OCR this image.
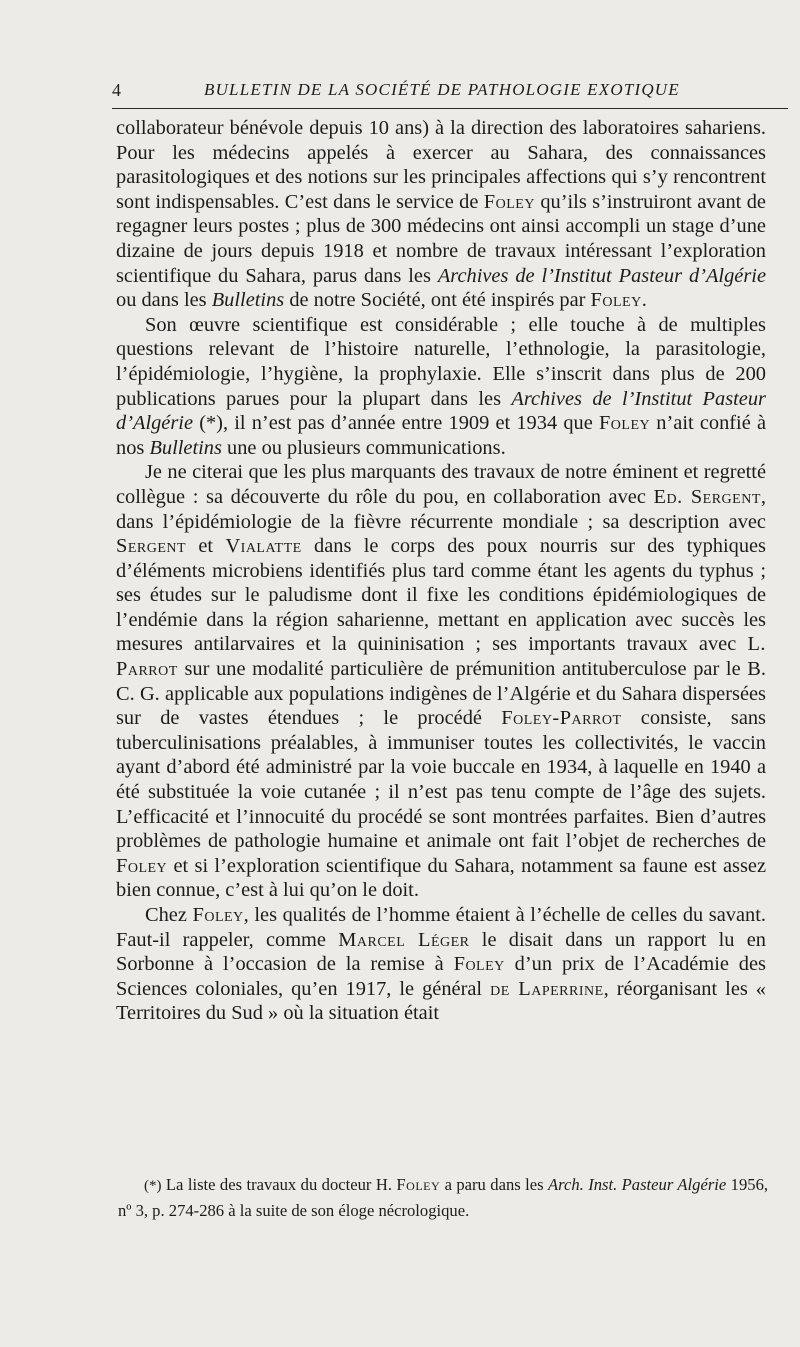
4	BULLETIN DE LA SOCIÉTÉ DE PATHOLOGIE EXOTIQUE

collaborateur bénévole depuis 10 ans) à la direction des laboratoires sahariens. Pour les médecins appelés à exercer au Sahara, des connaissances parasitologiques et des notions sur les principales affections qui s’y rencontrent sont indispensables. C’est dans le service de Foley qu’ils s’instruiront avant de regagner leurs postes ; plus de 300 médecins ont ainsi accompli un stage d’une dizaine de jours depuis 1918 et nombre de travaux intéressant l’exploration scientifique du Sahara, parus dans les Archives de l’Institut Pasteur d’Algérie ou dans les Bulletins de notre Société, ont été inspirés par Foley.

Son œuvre scientifique est considérable ; elle touche à de multiples questions relevant de l’histoire naturelle, l’ethnologie, la parasitologie, l’épidémiologie, l’hygiène, la prophylaxie. Elle s’inscrit dans plus de 200 publications parues pour la plupart dans les Archives de l’Institut Pasteur d’Algérie (*), il n’est pas d’année entre 1909 et 1934 que Foley n’ait confié à nos Bulletins une ou plusieurs communications.

Je ne citerai que les plus marquants des travaux de notre éminent et regretté collègue : sa découverte du rôle du pou, en collaboration avec Ed. Sergent, dans l’épidémiologie de la fièvre récurrente mondiale ; sa description avec Sergent et Vialatte dans le corps des poux nourris sur des typhiques d’éléments microbiens identifiés plus tard comme étant les agents du typhus ; ses études sur le paludisme dont il fixe les conditions épidémiologiques de l’endémie dans la région saharienne, mettant en application avec succès les mesures antilarvaires et la quininisation ; ses importants travaux avec L. Parrot sur une modalité particulière de prémunition antituberculose par le B. C. G. applicable aux populations indigènes de l’Algérie et du Sahara dispersées sur de vastes étendues ; le procédé Foley-Parrot consiste, sans tuberculinisations préalables, à immuniser toutes les collectivités, le vaccin ayant d’abord été administré par la voie buccale en 1934, à laquelle en 1940 a été substituée la voie cutanée ; il n’est pas tenu compte de l’âge des sujets. L’efficacité et l’innocuité du procédé se sont montrées parfaites. Bien d’autres problèmes de pathologie humaine et animale ont fait l’objet de recherches de Foley et si l’exploration scientifique du Sahara, notamment sa faune est assez bien connue, c’est à lui qu’on le doit.

Chez Foley, les qualités de l’homme étaient à l’échelle de celles du savant. Faut-il rappeler, comme Marcel Léger le disait dans un rapport lu en Sorbonne à l’occasion de la remise à Foley d’un prix de l’Académie des Sciences coloniales, qu’en 1917, le général de Laperrine, réorganisant les « Territoires du Sud » où la situation était

(*) La liste des travaux du docteur H. Foley a paru dans les Arch. Inst. Pasteur Algérie 1956, nº 3, p. 274-286 à la suite de son éloge nécrologique.
